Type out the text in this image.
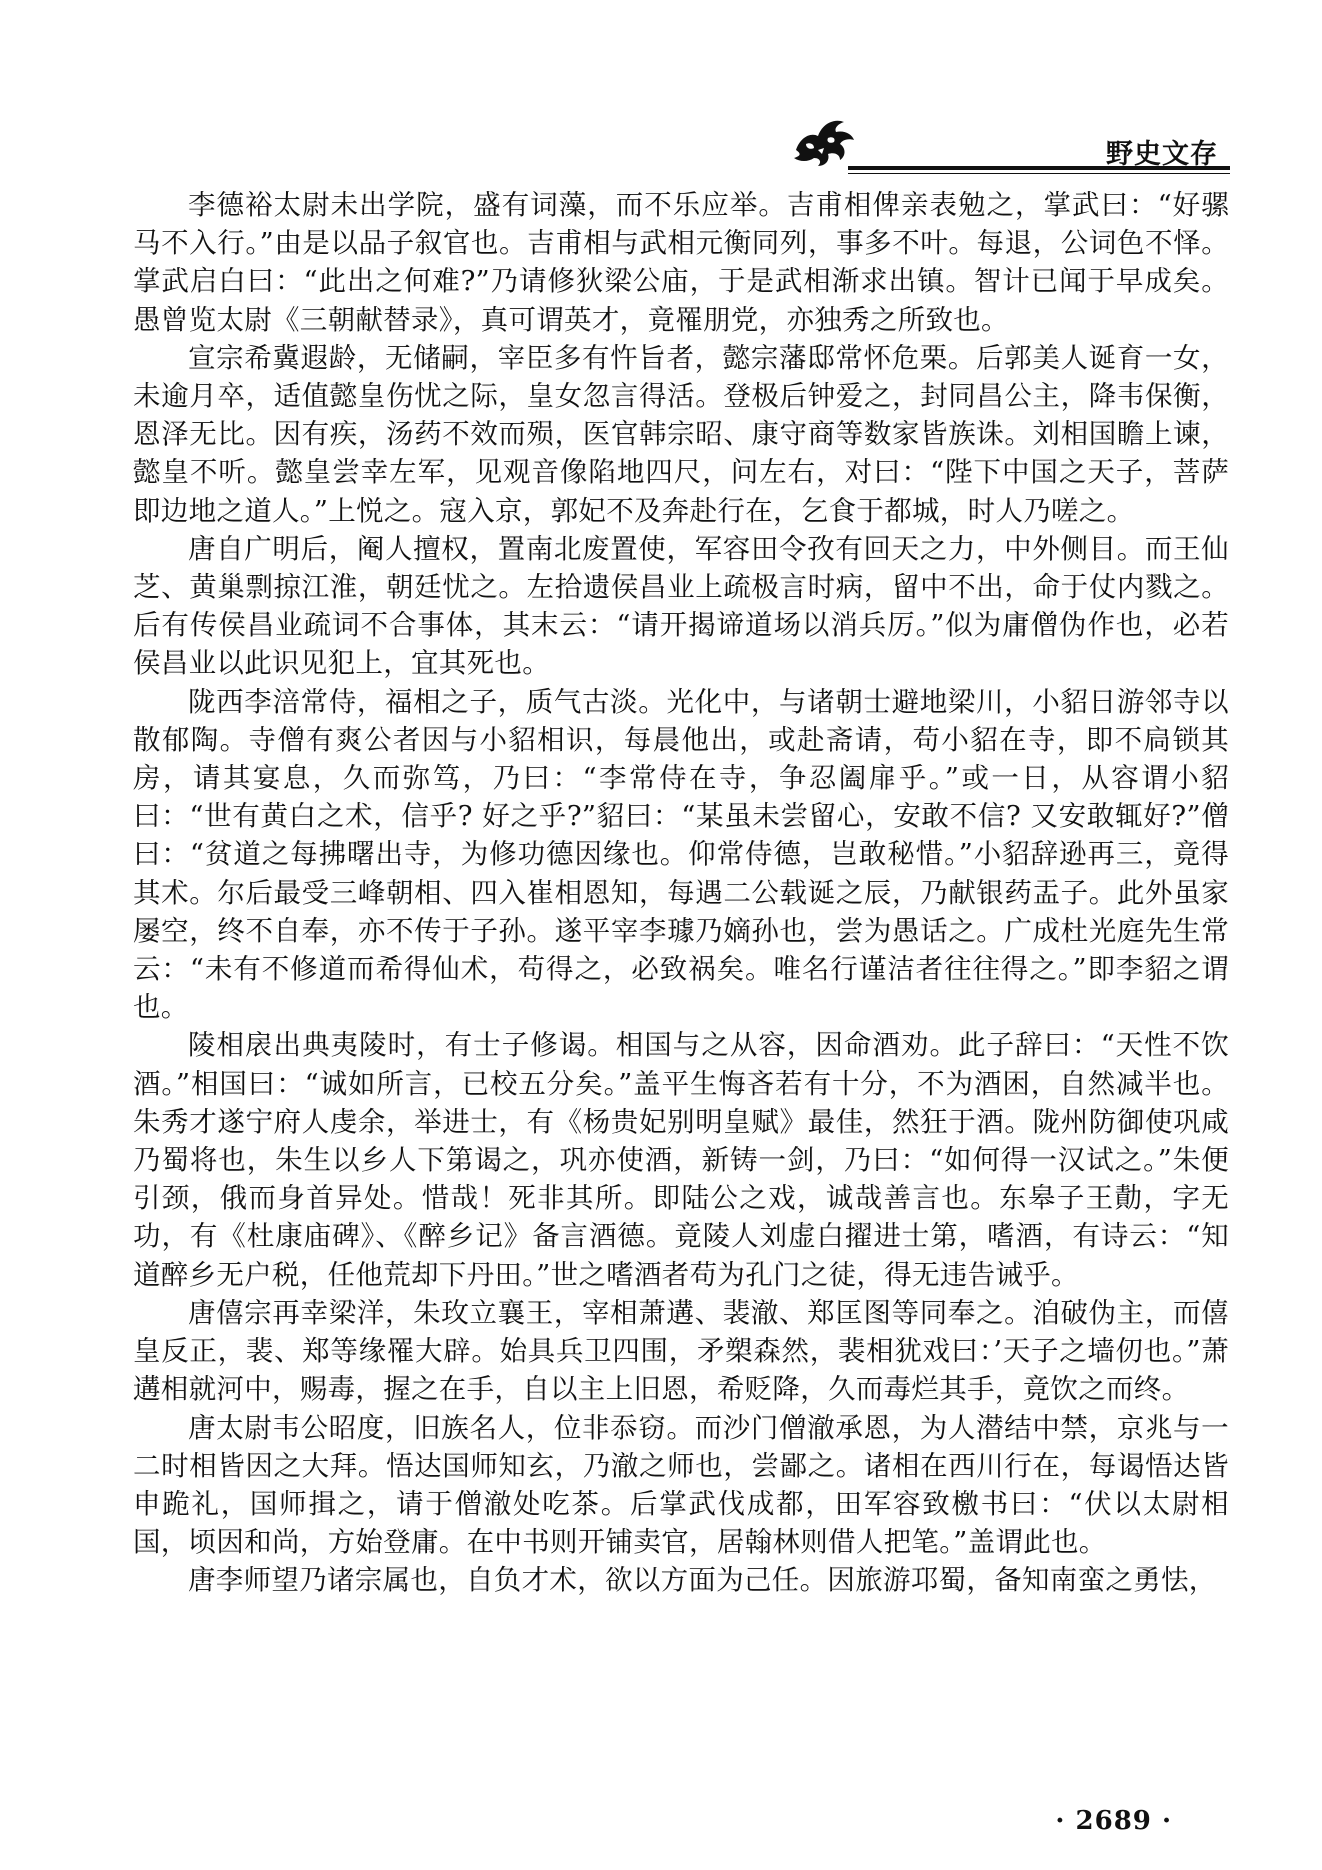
野史文存

李德裕太尉未出学院，盛有词藻，而不乐应举。吉甫相俾亲表勉之，掌武曰：“好骡马不入行。”由是以品子叙官也。吉甫相与武相元衡同列，事多不叶。每退，公词色不怿。掌武启白曰：“此出之何难?”乃请修狄梁公庙，于是武相渐求出镇。智计已闻于早成矣。愚曾览太尉《三朝献替录》，真可谓英才，竟罹朋党，亦独秀之所致也。

宣宗希冀遐龄，无储嗣，宰臣多有忤旨者，懿宗藩邸常怀危栗。后郭美人诞育一女，未逾月卒，适值懿皇伤忧之际，皇女忽言得活。登极后钟爱之，封同昌公主，降韦保衡，恩泽无比。因有疾，汤药不效而殒，医官韩宗昭、康守商等数家皆族诛。刘相国瞻上谏，懿皇不听。懿皇尝幸左军，见观音像陷地四尺，问左右，对曰：“陛下中国之天子，菩萨即边地之道人。”上悦之。寇入京，郭妃不及奔赴行在，乞食于都城，时人乃嗟之。

唐自广明后，阉人擅权，置南北废置使，军容田令孜有回天之力，中外侧目。而王仙芝、黄巢剽掠江淮，朝廷忧之。左拾遗侯昌业上疏极言时病，留中不出，命于仗内戮之。后有传侯昌业疏词不合事体，其末云：“请开揭谛道场以消兵厉。”似为庸僧伪作也，必若侯昌业以此识见犯上，宜其死也。

陇西李涪常侍，福相之子，质气古淡。光化中，与诸朝士避地梁川，小貂日游邻寺以散郁陶。寺僧有爽公者因与小貂相识，每晨他出，或赴斋请，苟小貂在寺，即不扃锁其房，请其宴息，久而弥笃，乃曰：“李常侍在寺，争忍阖扉乎。”或一日，从容谓小貂曰：“世有黄白之术，信乎? 好之乎?”貂曰：“某虽未尝留心，安敢不信? 又安敢辄好?”僧曰：“贫道之每拂曙出寺，为修功德因缘也。仰常侍德，岂敢秘惜。”小貂辞逊再三，竟得其术。尔后最受三峰朝相、四入崔相恩知，每遇二公载诞之辰，乃献银药盂子。此外虽家屡空，终不自奉，亦不传于子孙。遂平宰李璩乃嫡孙也，尝为愚话之。广成杜光庭先生常云：“未有不修道而希得仙术，苟得之，必致祸矣。唯名行谨洁者往往得之。”即李貂之谓也。

陵相扆出典夷陵时，有士子修谒。相国与之从容，因命酒劝。此子辞曰：“天性不饮酒。”相国曰：“诚如所言，已校五分矣。”盖平生悔吝若有十分，不为酒困，自然减半也。朱秀才遂宁府人虔余，举进士，有《杨贵妃别明皇赋》最佳，然狂于酒。陇州防御使巩咸乃蜀将也，朱生以乡人下第谒之，巩亦使酒，新铸一剑，乃曰：“如何得一汉试之。”朱便引颈，俄而身首异处。惜哉！死非其所。即陆公之戏，诚哉善言也。东皋子王勣，字无功，有《杜康庙碑》、《醉乡记》备言酒德。竟陵人刘虚白擢进士第，嗜酒，有诗云：“知道醉乡无户税，任他荒却下丹田。”世之嗜酒者苟为孔门之徒，得无违告诫乎。

唐僖宗再幸梁洋，朱玫立襄王，宰相萧遘、裴澈、郑匡图等同奉之。洎破伪主，而僖皇反正，裴、郑等缘罹大辟。始具兵卫四围，矛槊森然，裴相犹戏曰：’天子之墙仞也。”萧遘相就河中，赐毒，握之在手，自以主上旧恩，希贬降，久而毒烂其手，竟饮之而终。

唐太尉韦公昭度，旧族名人，位非忝窃。而沙门僧澈承恩，为人潜结中禁，京兆与一二时相皆因之大拜。悟达国师知玄，乃澈之师也，尝鄙之。诸相在西川行在，每谒悟达皆申跪礼，国师揖之，请于僧澈处吃茶。后掌武伐成都，田军容致檄书曰：“伏以太尉相国，顷因和尚，方始登庸。在中书则开铺卖官，居翰林则借人把笔。”盖谓此也。

唐李师望乃诸宗属也，自负才术，欲以方面为己任。因旅游邛蜀，备知南蛮之勇怯，

· 2689 ·
